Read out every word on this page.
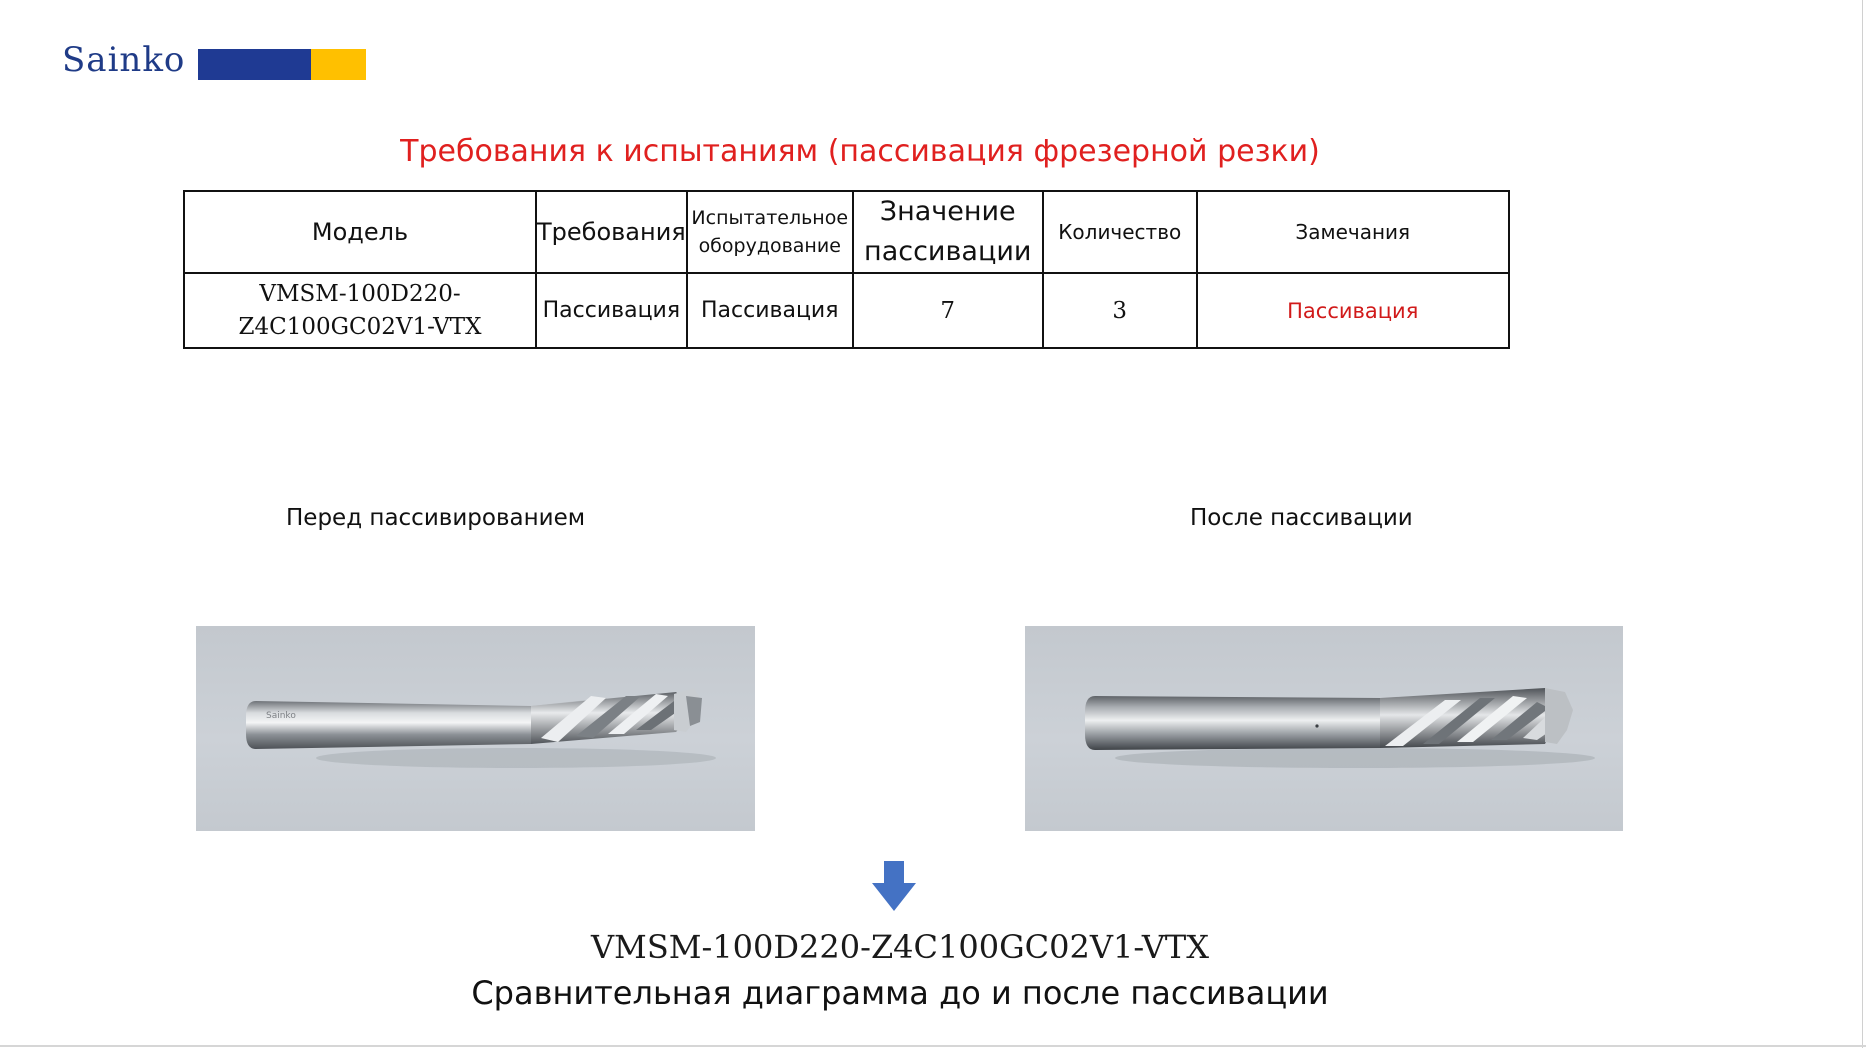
Sainko
Требования к испытаниям (пассивация фрезерной резки)
Модель	Требования	Испытательное оборудование	Значение пассивации	Количество	Замечания
VMSM-100D220-Z4C100GC02V1-VTX	Пассивация	Пассивация	7	3	Пассивация
Перед пассивированием	После пассивации
Sainko
VMSM-100D220-Z4C100GC02V1-VTX
Сравнительная диаграмма до и после пассивации
